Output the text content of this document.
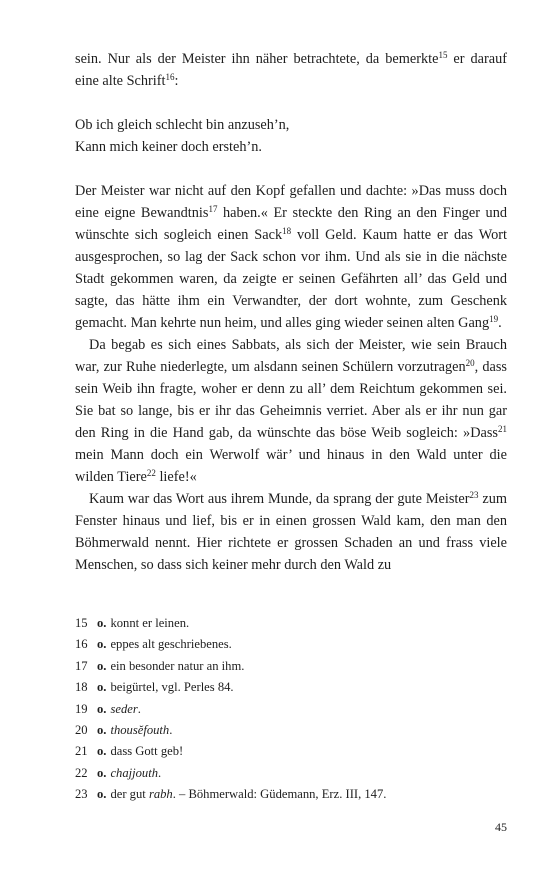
sein. Nur als der Meister ihn näher betrachtete, da bemerkte$^{15}$ er darauf eine alte Schrift$^{16}$:

Ob ich gleich schlecht bin anzuseh’n,
Kann mich keiner doch ersteh’n.

Der Meister war nicht auf den Kopf gefallen und dachte: »Das muss doch eine eigne Bewandtnis$^{17}$ haben.« Er steckte den Ring an den Finger und wünschte sich sogleich einen Sack$^{18}$ voll Geld. Kaum hatte er das Wort ausgesprochen, so lag der Sack schon vor ihm. Und als sie in die nächste Stadt gekommen waren, da zeigte er seinen Gefährten all’ das Geld und sagte, das hätte ihm ein Verwandter, der dort wohnte, zum Geschenk gemacht. Man kehrte nun heim, und alles ging wieder seinen alten Gang$^{19}$.

Da begab es sich eines Sabbats, als sich der Meister, wie sein Brauch war, zur Ruhe niederlegte, um alsdann seinen Schülern vorzutragen$^{20}$, dass sein Weib ihn fragte, woher er denn zu all’ dem Reichtum gekommen sei. Sie bat so lange, bis er ihr das Geheimnis verriet. Aber als er ihr nun gar den Ring in die Hand gab, da wünschte das böse Weib sogleich: »Dass$^{21}$ mein Mann doch ein Werwolf wär’ und hinaus in den Wald unter die wilden Tiere$^{22}$ liefe!«

Kaum war das Wort aus ihrem Munde, da sprang der gute Meister$^{23}$ zum Fenster hinaus und lief, bis er in einen grossen Wald kam, den man den Böhmerwald nennt. Hier richtete er grossen Schaden an und frass viele Menschen, so dass sich keiner mehr durch den Wald zu

15 o. konnt er leinen.
16 o. eppes alt geschriebenes.
17 o. ein besonder natur an ihm.
18 o. beigürtel, vgl. Perles 84.
19 o. seder .
20 o. thousĕfouth .
21 o. dass Gott geb!
22 o. chajjouth .
23 o. der gut rabh . – Böhmerwald: Güdemann, Erz. III, 147.
45
